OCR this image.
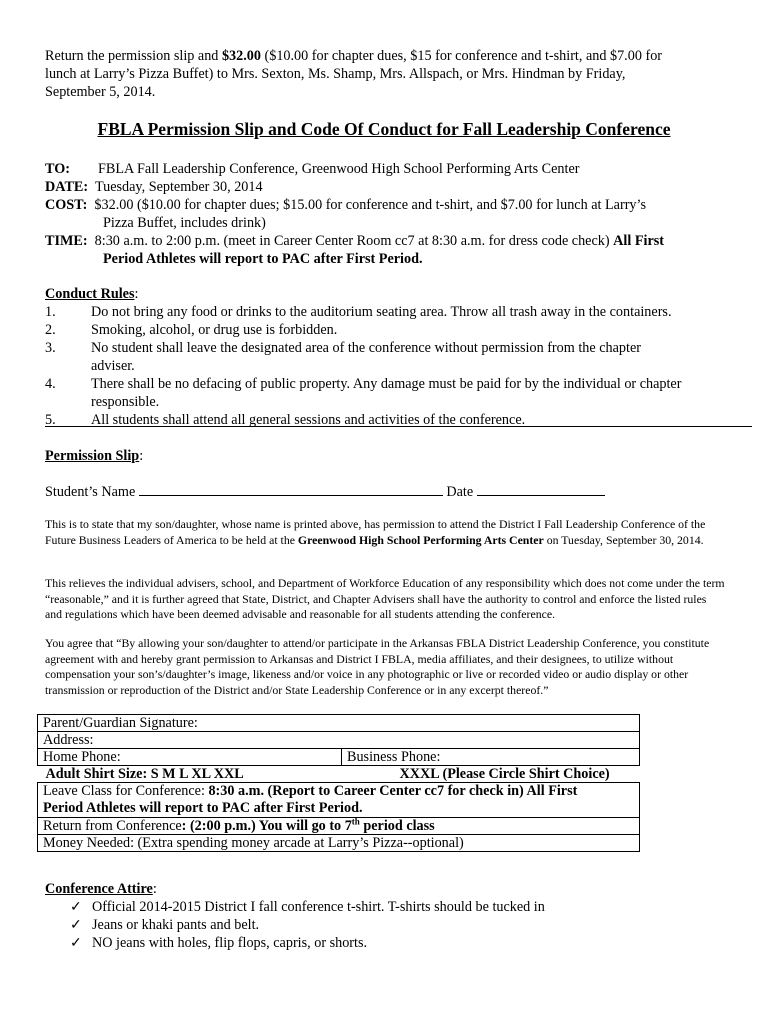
Return the permission slip and $32.00 ($10.00 for chapter dues, $15 for conference and t-shirt, and $7.00 for
lunch at Larry’s Pizza Buffet) to Mrs. Sexton, Ms. Shamp, Mrs. Allspach, or Mrs. Hindman by Friday,
September 5, 2014.
FBLA Permission Slip and Code Of Conduct for Fall Leadership Conference
TO: FBLA Fall Leadership Conference, Greenwood High School Performing Arts Center
DATE: Tuesday, September 30, 2014
COST: $32.00 ($10.00 for chapter dues; $15.00 for conference and t-shirt, and $7.00 for lunch at Larry’s
Pizza Buffet, includes drink)
TIME: 8:30 a.m. to 2:00 p.m. (meet in Career Center Room cc7 at 8:30 a.m. for dress code check) All First
Period Athletes will report to PAC after First Period.
Conduct Rules:
1. Do not bring any food or drinks to the auditorium seating area. Throw all trash away in the containers.
2. Smoking, alcohol, or drug use is forbidden.
3. No student shall leave the designated area of the conference without permission from the chapter
adviser.
4. There shall be no defacing of public property. Any damage must be paid for by the individual or chapter
responsible.
5. All students shall attend all general sessions and activities of the conference.
Permission Slip:
Student’s Name	Date
This is to state that my son/daughter, whose name is printed above, has permission to attend the District I Fall Leadership Conference of the Future Business Leaders of America to be held at the Greenwood High School Performing Arts Center on Tuesday, September 30, 2014.
This relieves the individual advisers, school, and Department of Workforce Education of any responsibility which does not come under the term “reasonable,” and it is further agreed that State, District, and Chapter Advisers shall have the authority to control and enforce the listed rules and regulations which have been deemed advisable and reasonable for all students attending the conference.
You agree that “By allowing your son/daughter to attend/or participate in the Arkansas FBLA District Leadership Conference, you constitute agreement with and hereby grant permission to Arkansas and District I FBLA, media affiliates, and their designees, to utilize without compensation your son’s/daughter’s image, likeness and/or voice in any photographic or live or recorded video or audio display or other transmission or reproduction of the District and/or State Leadership Conference or in any excerpt thereof.”
Parent/Guardian Signature:
Address:
Home Phone:	Business Phone:
Adult Shirt Size: S M L XL XXL	XXXL (Please Circle Shirt Choice)

Leave Class for Conference: 8:30 a.m. (Report to Career Center cc7 for check in) All First
Period Athletes will report to PAC after First Period.
Return from Conference: (2:00 p.m.) You will go to 7th period class
Money Needed: (Extra spending money arcade at Larry’s Pizza--optional)
Conference Attire:
✓ Official 2014-2015 District I fall conference t-shirt. T-shirts should be tucked in
✓ Jeans or khaki pants and belt.
✓ NO jeans with holes, flip flops, capris, or shorts.
